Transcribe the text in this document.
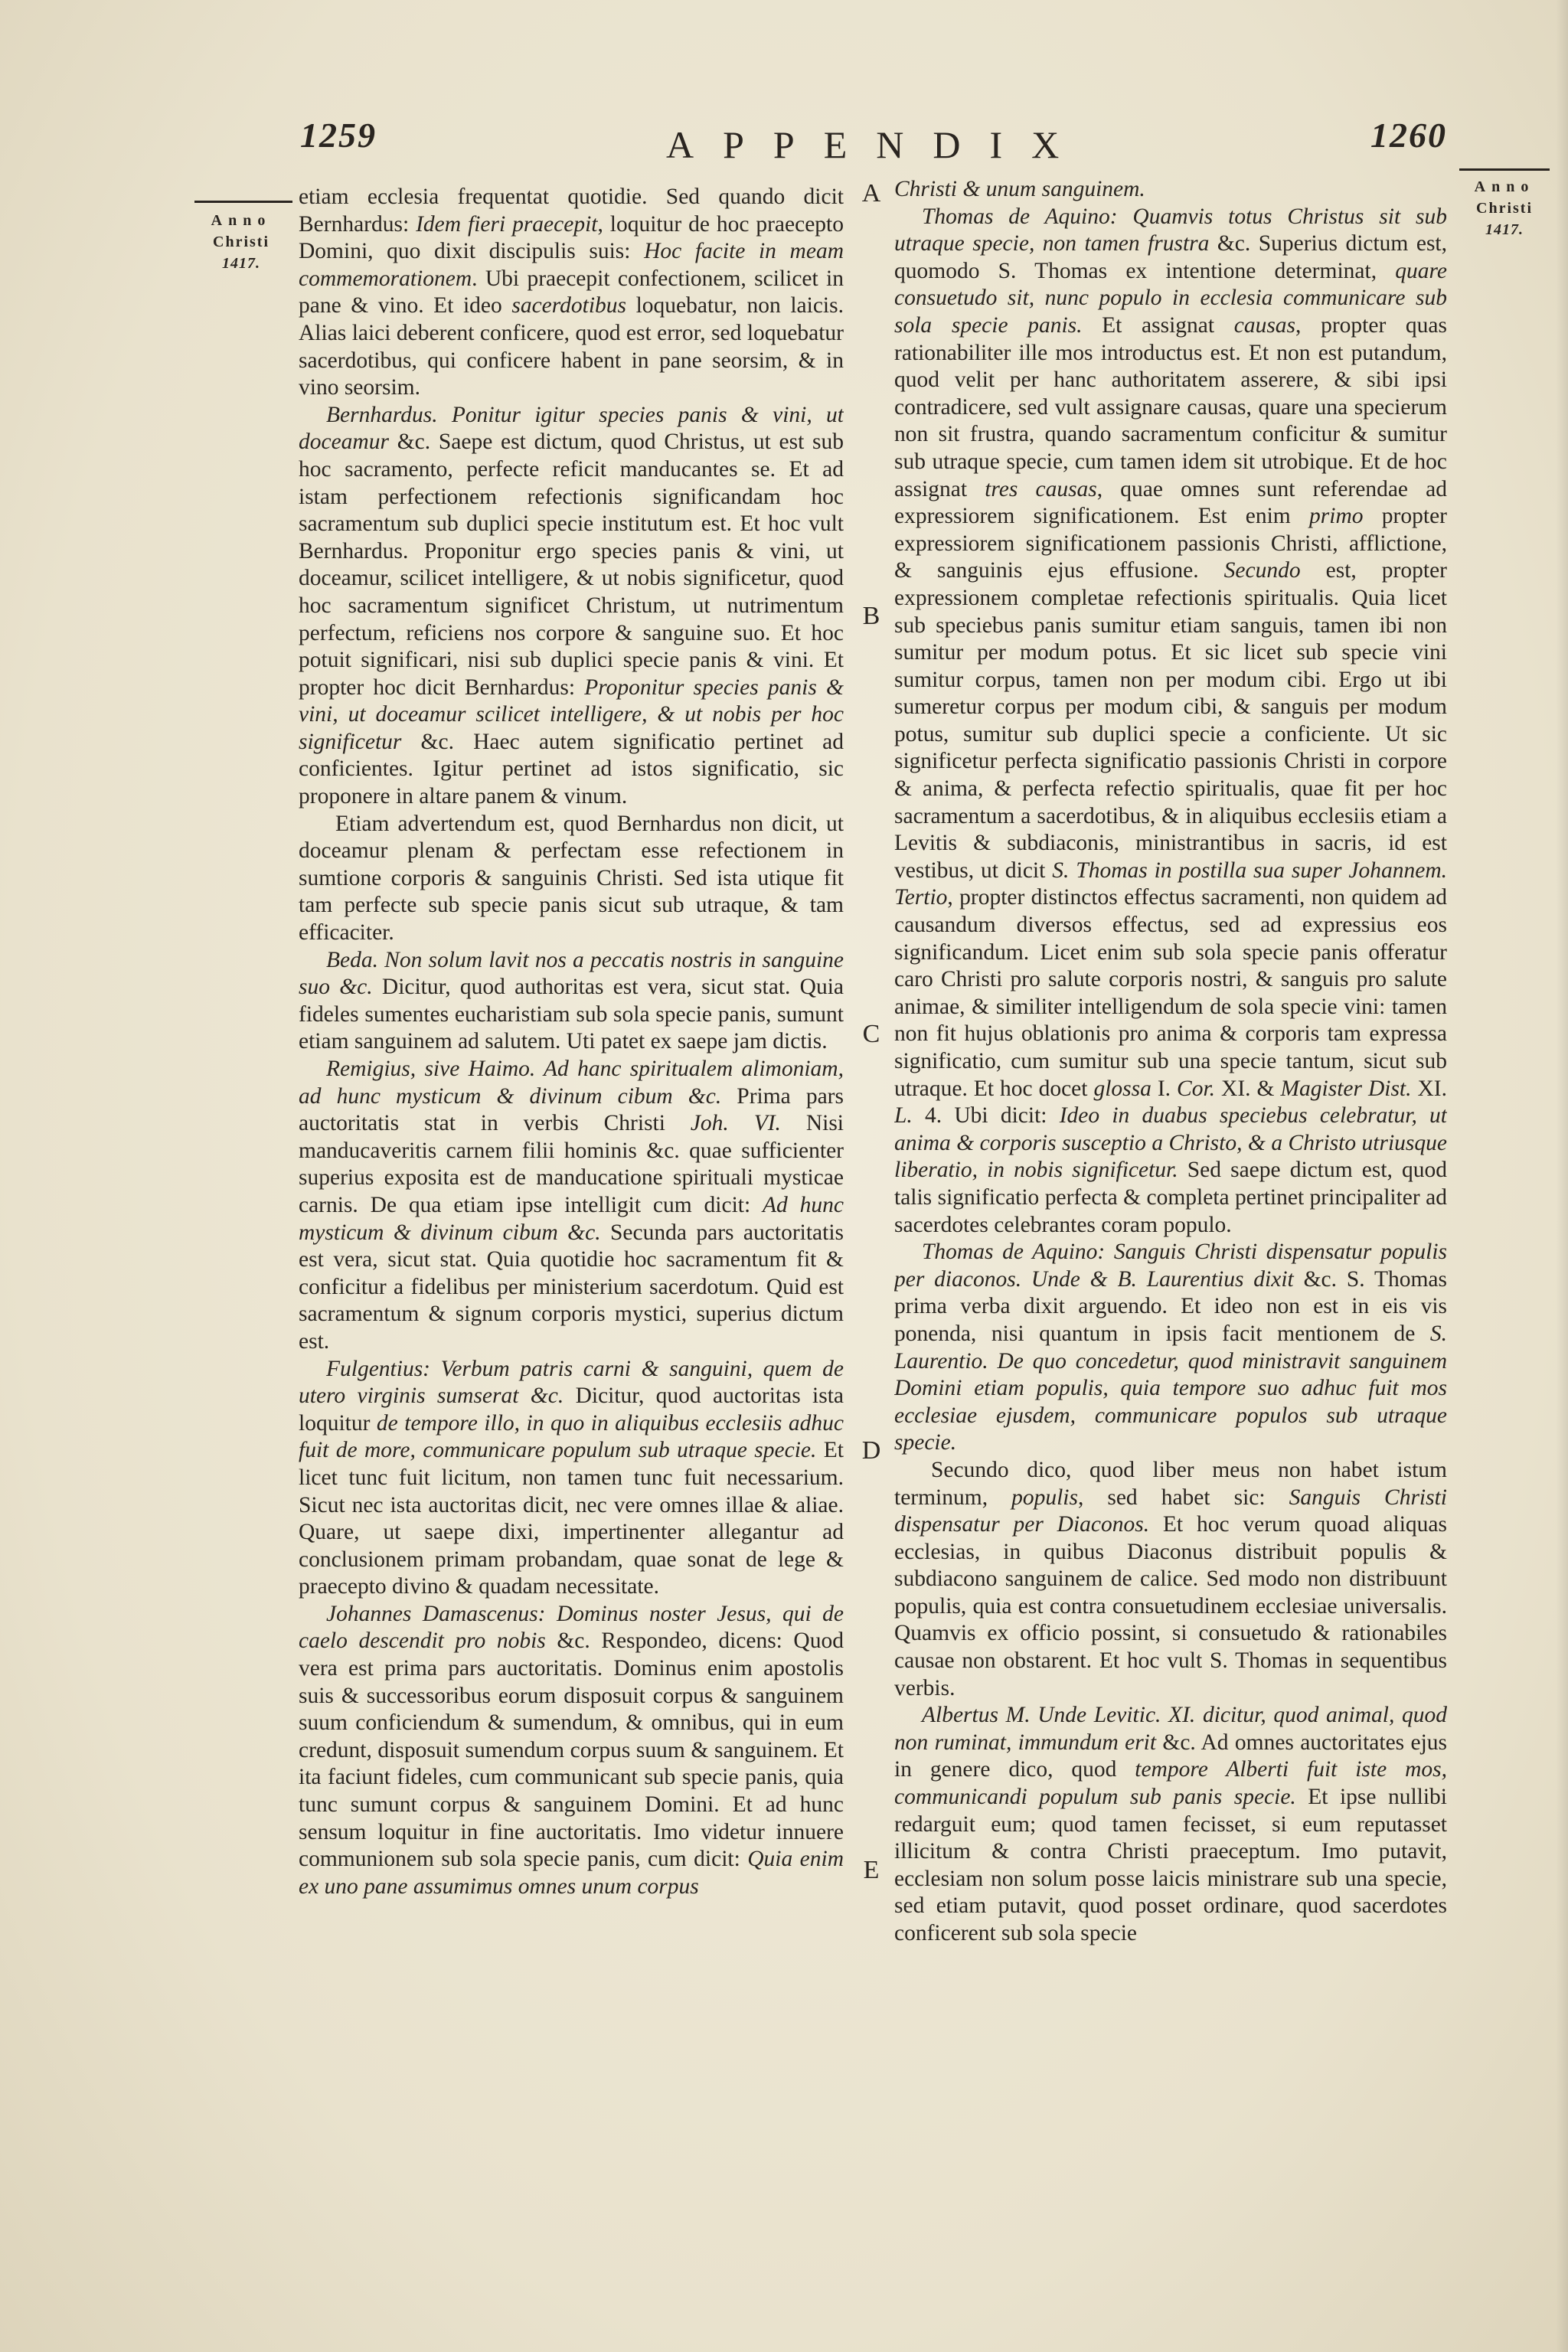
1259	APPENDIX	1260
Anno
Christi
1417.
Anno
Christi
1417.
A
B
C
D
E

etiam ecclesia frequentat quotidie. Sed quando dicit Bernhardus: Idem fieri praecepit, loquitur de hoc praecepto Domini, quo dixit discipulis suis: Hoc facite in meam commemorationem. Ubi praecepit confectionem, scilicet in pane & vino. Et ideo sacerdotibus loquebatur, non laicis. Alias laici deberent conficere, quod est error, sed loquebatur sacerdotibus, qui conficere habent in pane seorsim, & in vino seorsim.

Bernhardus. Ponitur igitur species panis & vini, ut doceamur &c. Saepe est dictum, quod Christus, ut est sub hoc sacramento, perfecte reficit manducantes se. Et ad istam perfectionem refectionis significandam hoc sacramentum sub duplici specie institutum est. Et hoc vult Bernhardus. Proponitur ergo species panis & vini, ut doceamur, scilicet intelligere, & ut nobis significetur, quod hoc sacramentum significet Christum, ut nutrimentum perfectum, reficiens nos corpore & sanguine suo. Et hoc potuit significari, nisi sub duplici specie panis & vini. Et propter hoc dicit Bernhardus: Proponitur species panis & vini, ut doceamur scilicet intelligere, & ut nobis per hoc significetur &c. Haec autem significatio pertinet ad conficientes. Igitur pertinet ad istos significatio, sic proponere in altare panem & vinum.

Etiam advertendum est, quod Bernhardus non dicit, ut doceamur plenam & perfectam esse refectionem in sumtione corporis & sanguinis Christi. Sed ista utique fit tam perfecte sub specie panis sicut sub utraque, & tam efficaciter.

Beda. Non solum lavit nos a peccatis nostris in sanguine suo &c. Dicitur, quod authoritas est vera, sicut stat. Quia fideles sumentes eucharistiam sub sola specie panis, sumunt etiam sanguinem ad salutem. Uti patet ex saepe jam dictis.

Remigius, sive Haimo. Ad hanc spiritualem alimoniam, ad hunc mysticum & divinum cibum &c. Prima pars auctoritatis stat in verbis Christi Joh. VI. Nisi manducaveritis carnem filii hominis &c. quae sufficienter superius exposita est de manducatione spirituali mysticae carnis. De qua etiam ipse intelligit cum dicit: Ad hunc mysticum & divinum cibum &c. Secunda pars auctoritatis est vera, sicut stat. Quia quotidie hoc sacramentum fit & conficitur a fidelibus per ministerium sacerdotum. Quid est sacramentum & signum corporis mystici, superius dictum est.

Fulgentius: Verbum patris carni & sanguini, quem de utero virginis sumserat &c. Dicitur, quod auctoritas ista loquitur de tempore illo, in quo in aliquibus ecclesiis adhuc fuit de more, communicare populum sub utraque specie. Et licet tunc fuit licitum, non tamen tunc fuit necessarium. Sicut nec ista auctoritas dicit, nec vere omnes illae & aliae. Quare, ut saepe dixi, impertinenter allegantur ad conclusionem primam probandam, quae sonat de lege & praecepto divino & quadam necessitate.

Johannes Damascenus: Dominus noster Jesus, qui de caelo descendit pro nobis &c. Respondeo, dicens: Quod vera est prima pars auctoritatis. Dominus enim apostolis suis & successoribus eorum disposuit corpus & sanguinem suum conficiendum & sumendum, & omnibus, qui in eum credunt, disposuit sumendum corpus suum & sanguinem. Et ita faciunt fideles, cum communicant sub specie panis, quia tunc sumunt corpus & sanguinem Domini. Et ad hunc sensum loquitur in fine auctoritatis. Imo videtur innuere communionem sub sola specie panis, cum dicit: Quia enim ex uno pane assumimus omnes unum corpus

Christi & unum sanguinem.

Thomas de Aquino: Quamvis totus Christus sit sub utraque specie, non tamen frustra &c. Superius dictum est, quomodo S. Thomas ex intentione determinat, quare consuetudo sit, nunc populo in ecclesia communicare sub sola specie panis. Et assignat causas, propter quas rationabiliter ille mos introductus est. Et non est putandum, quod velit per hanc authoritatem asserere, & sibi ipsi contradicere, sed vult assignare causas, quare una specierum non sit frustra, quando sacramentum conficitur & sumitur sub utraque specie, cum tamen idem sit utrobique. Et de hoc assignat tres causas, quae omnes sunt referendae ad expressiorem significationem. Est enim primo propter expressiorem significationem passionis Christi, afflictione, & sanguinis ejus effusione. Secundo est, propter expressionem completae refectionis spiritualis. Quia licet sub speciebus panis sumitur etiam sanguis, tamen ibi non sumitur per modum potus. Et sic licet sub specie vini sumitur corpus, tamen non per modum cibi. Ergo ut ibi sumeretur corpus per modum cibi, & sanguis per modum potus, sumitur sub duplici specie a conficiente. Ut sic significetur perfecta significatio passionis Christi in corpore & anima, & perfecta refectio spiritualis, quae fit per hoc sacramentum a sacerdotibus, & in aliquibus ecclesiis etiam a Levitis & subdiaconis, ministrantibus in sacris, id est vestibus, ut dicit S. Thomas in postilla sua super Johannem. Tertio, propter distinctos effectus sacramenti, non quidem ad causandum diversos effectus, sed ad expressius eos significandum. Licet enim sub sola specie panis offeratur caro Christi pro salute corporis nostri, & sanguis pro salute animae, & similiter intelligendum de sola specie vini: tamen non fit hujus oblationis pro anima & corporis tam expressa significatio, cum sumitur sub una specie tantum, sicut sub utraque. Et hoc docet glossa I. Cor. XI. & Magister Dist. XI. L. 4. Ubi dicit: Ideo in duabus speciebus celebratur, ut anima & corporis susceptio a Christo, & a Christo utriusque liberatio, in nobis significetur. Sed saepe dictum est, quod talis significatio perfecta & completa pertinet principaliter ad sacerdotes celebrantes coram populo.

Thomas de Aquino: Sanguis Christi dispensatur populis per diaconos. Unde & B. Laurentius dixit &c. S. Thomas prima verba dixit arguendo. Et ideo non est in eis vis ponenda, nisi quantum in ipsis facit mentionem de S. Laurentio. De quo concedetur, quod ministravit sanguinem Domini etiam populis, quia tempore suo adhuc fuit mos ecclesiae ejusdem, communicare populos sub utraque specie.

Secundo dico, quod liber meus non habet istum terminum, populis, sed habet sic: Sanguis Christi dispensatur per Diaconos. Et hoc verum quoad aliquas ecclesias, in quibus Diaconus distribuit populis & subdiacono sanguinem de calice. Sed modo non distribuunt populis, quia est contra consuetudinem ecclesiae universalis. Quamvis ex officio possint, si consuetudo & rationabiles causae non obstarent. Et hoc vult S. Thomas in sequentibus verbis.

Albertus M. Unde Levitic. XI. dicitur, quod animal, quod non ruminat, immundum erit &c. Ad omnes auctoritates ejus in genere dico, quod tempore Alberti fuit iste mos, communicandi populum sub panis specie. Et ipse nullibi redarguit eum; quod tamen fecisset, si eum reputasset illicitum & contra Christi praeceptum. Imo putavit, ecclesiam non solum posse laicis ministrare sub una specie, sed etiam putavit, quod posset ordinare, quod sacerdotes conficerent sub sola specie
